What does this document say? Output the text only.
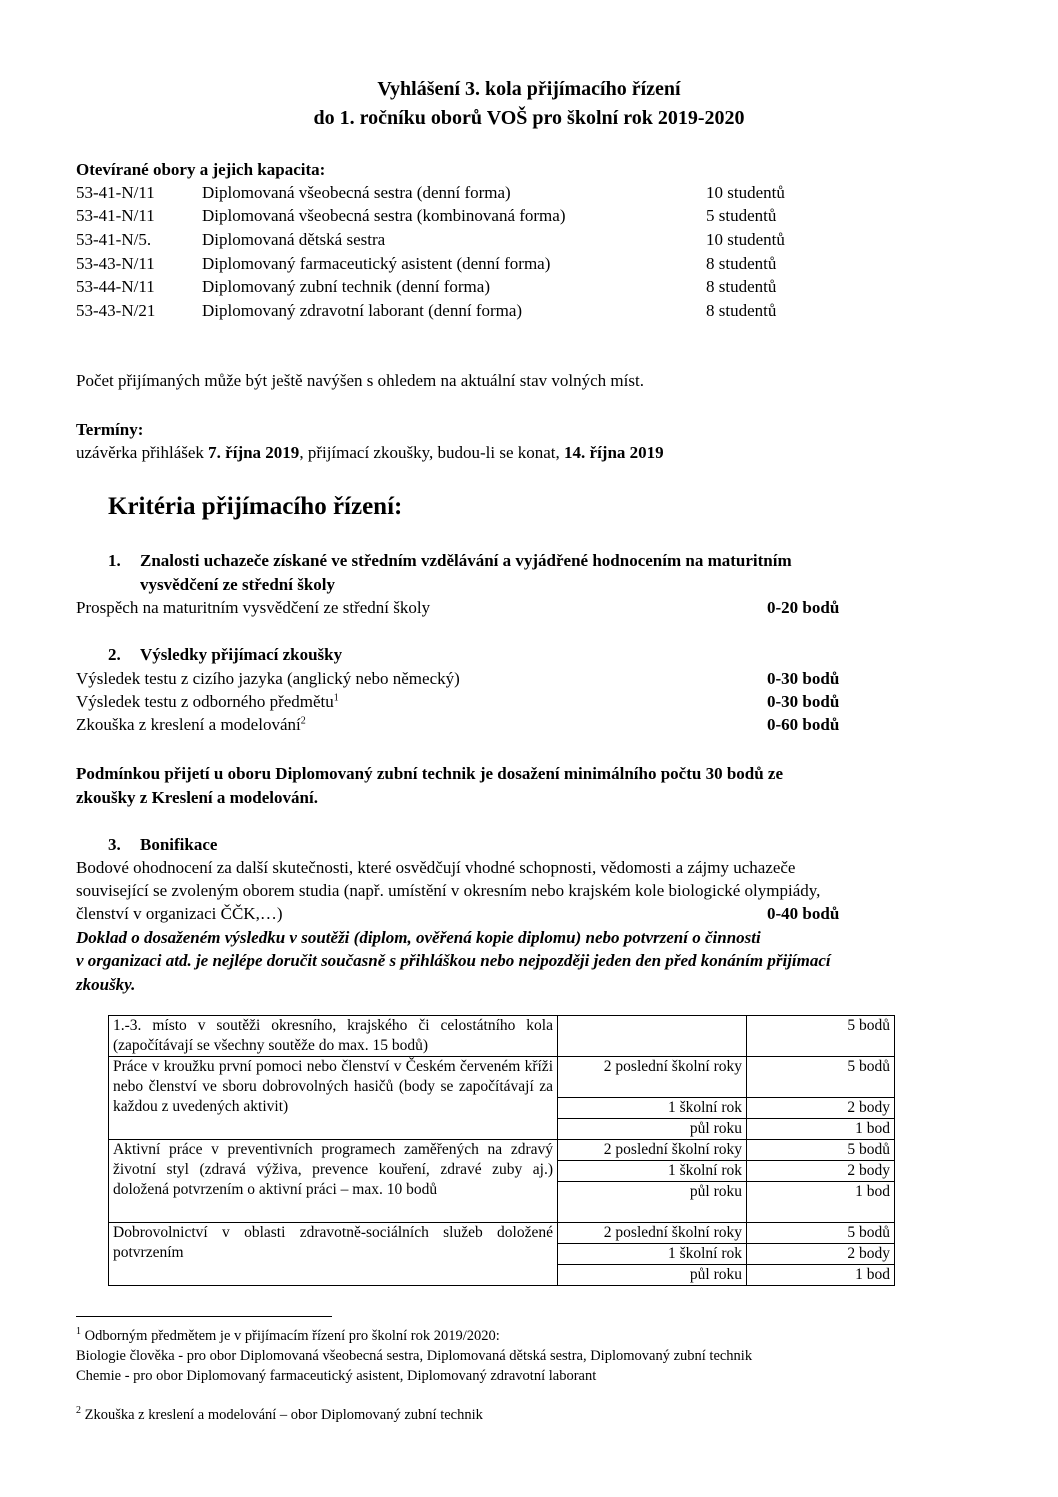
Vyhlášení 3. kola přijímacího řízení
do 1. ročníku oborů VOŠ pro školní rok 2019-2020
Otevírané obory a jejich kapacita:
53-41-N/11	Diplomovaná všeobecná sestra (denní forma)	10 studentů
53-41-N/11	Diplomovaná všeobecná sestra (kombinovaná forma)	5 studentů
53-41-N/5.	Diplomovaná dětská sestra	10 studentů
53-43-N/11	Diplomovaný farmaceutický asistent (denní forma)	8 studentů
53-44-N/11	Diplomovaný zubní technik (denní forma)	8 studentů
53-43-N/21	Diplomovaný zdravotní laborant (denní forma)	8 studentů
Počet přijímaných může být ještě navýšen s ohledem na aktuální stav volných míst.
Termíny:
uzávěrka přihlášek 7. října 2019, přijímací zkoušky, budou-li se konat, 14. října 2019
Kritéria přijímacího řízení:
1. Znalosti uchazeče získané ve středním vzdělávání a vyjádřené hodnocením na maturitním
vysvědčení ze střední školy
Prospěch na maturitním vysvědčení ze střední školy	0-20 bodů
2. Výsledky přijímací zkoušky
Výsledek testu z cizího jazyka (anglický nebo německý)	0-30 bodů
Výsledek testu z odborného předmětu$^1$	0-30 bodů
Zkouška z kreslení a modelování$^2$	0-60 bodů
Podmínkou přijetí u oboru Diplomovaný zubní technik je dosažení minimálního počtu 30 bodů ze
zkoušky z Kreslení a modelování.
3. Bonifikace
Bodové ohodnocení za další skutečnosti, které osvědčují vhodné schopnosti, vědomosti a zájmy uchazeče
související se zvoleným oborem studia (např. umístění v okresním nebo krajském kole biologické olympiády,
členství v organizaci ČČK,…)	0-40 bodů
Doklad o dosaženém výsledku v soutěži (diplom, ověřená kopie diplomu) nebo potvrzení o činnosti
v organizaci atd. je nejlépe doručit současně s přihláškou nebo nejpozději jeden den před konáním přijímací
zkoušky.
1.-3. místo v soutěži okresního, krajského či celostátního kola (započítávají se všechny soutěže do max. 15 bodů)		5 bodů
Práce v kroužku první pomoci nebo členství v Českém červeném kříži nebo členství ve sboru dobrovolných hasičů (body se započítávají za každou z uvedených aktivit)	2 poslední školní roky	5 bodů
	1 školní rok	2 body
	půl roku	1 bod
Aktivní práce v preventivních programech zaměřených na zdravý životní styl (zdravá výživa, prevence kouření, zdravé zuby aj.) doložená potvrzením o aktivní práci – max. 10 bodů	2 poslední školní roky	5 bodů
	1 školní rok	2 body
	půl roku	1 bod
Dobrovolnictví v oblasti zdravotně-sociálních služeb doložené potvrzením	2 poslední školní roky	5 bodů
	1 školní rok	2 body
	půl roku	1 bod
$^1$ Odborným předmětem je v přijímacím řízení pro školní rok 2019/2020:
Biologie člověka - pro obor Diplomovaná všeobecná sestra, Diplomovaná dětská sestra, Diplomovaný zubní technik
Chemie - pro obor Diplomovaný farmaceutický asistent, Diplomovaný zdravotní laborant
$^2$ Zkouška z kreslení a modelování – obor Diplomovaný zubní technik
